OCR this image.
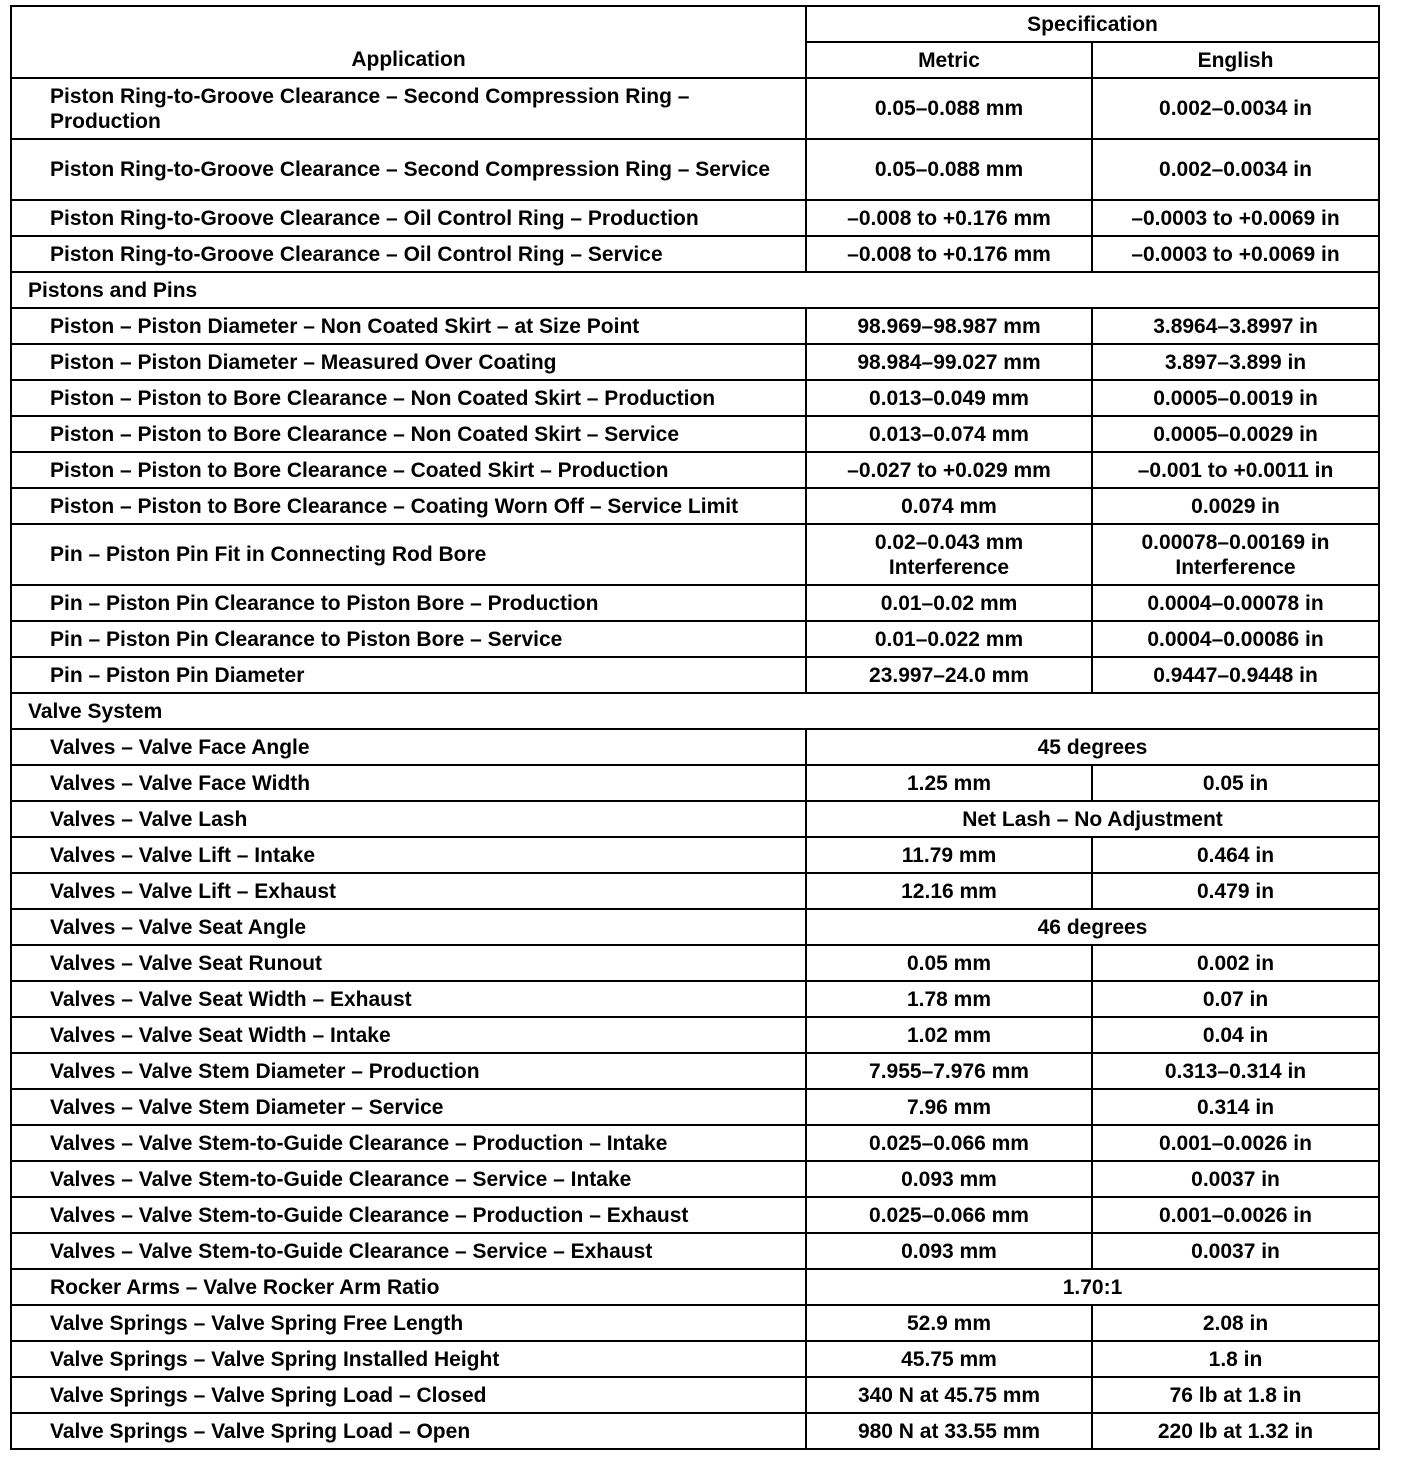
Application	Specification	
	Metric	English
Piston Ring-to-Groove Clearance – Second Compression Ring – Production	0.05–0.088 mm	0.002–0.0034 in
Piston Ring-to-Groove Clearance – Second Compression Ring – Service	0.05–0.088 mm	0.002–0.0034 in
Piston Ring-to-Groove Clearance – Oil Control Ring – Production	–0.008 to +0.176 mm	–0.0003 to +0.0069 in
Piston Ring-to-Groove Clearance – Oil Control Ring – Service	–0.008 to +0.176 mm	–0.0003 to +0.0069 in
Pistons and Pins		
Piston – Piston Diameter – Non Coated Skirt – at Size Point	98.969–98.987 mm	3.8964–3.8997 in
Piston – Piston Diameter – Measured Over Coating	98.984–99.027 mm	3.897–3.899 in
Piston – Piston to Bore Clearance – Non Coated Skirt – Production	0.013–0.049 mm	0.0005–0.0019 in
Piston – Piston to Bore Clearance – Non Coated Skirt – Service	0.013–0.074 mm	0.0005–0.0029 in
Piston – Piston to Bore Clearance – Coated Skirt – Production	–0.027 to +0.029 mm	–0.001 to +0.0011 in
Piston – Piston to Bore Clearance – Coating Worn Off – Service Limit	0.074 mm	0.0029 in
Pin – Piston Pin Fit in Connecting Rod Bore	0.02–0.043 mm Interference	0.00078–0.00169 in Interference
Pin – Piston Pin Clearance to Piston Bore – Production	0.01–0.02 mm	0.0004–0.00078 in
Pin – Piston Pin Clearance to Piston Bore – Service	0.01–0.022 mm	0.0004–0.00086 in
Pin – Piston Pin Diameter	23.997–24.0 mm	0.9447–0.9448 in
Valve System		
Valves – Valve Face Angle	45 degrees	
Valves – Valve Face Width	1.25 mm	0.05 in
Valves – Valve Lash	Net Lash – No Adjustment	
Valves – Valve Lift – Intake	11.79 mm	0.464 in
Valves – Valve Lift – Exhaust	12.16 mm	0.479 in
Valves – Valve Seat Angle	46 degrees	
Valves – Valve Seat Runout	0.05 mm	0.002 in
Valves – Valve Seat Width – Exhaust	1.78 mm	0.07 in
Valves – Valve Seat Width – Intake	1.02 mm	0.04 in
Valves – Valve Stem Diameter – Production	7.955–7.976 mm	0.313–0.314 in
Valves – Valve Stem Diameter – Service	7.96 mm	0.314 in
Valves – Valve Stem-to-Guide Clearance – Production – Intake	0.025–0.066 mm	0.001–0.0026 in
Valves – Valve Stem-to-Guide Clearance – Service – Intake	0.093 mm	0.0037 in
Valves – Valve Stem-to-Guide Clearance – Production – Exhaust	0.025–0.066 mm	0.001–0.0026 in
Valves – Valve Stem-to-Guide Clearance – Service – Exhaust	0.093 mm	0.0037 in
Rocker Arms – Valve Rocker Arm Ratio	1.70:1	
Valve Springs – Valve Spring Free Length	52.9 mm	2.08 in
Valve Springs – Valve Spring Installed Height	45.75 mm	1.8 in
Valve Springs – Valve Spring Load – Closed	340 N at 45.75 mm	76 lb at 1.8 in
Valve Springs – Valve Spring Load – Open	980 N at 33.55 mm	220 lb at 1.32 in
